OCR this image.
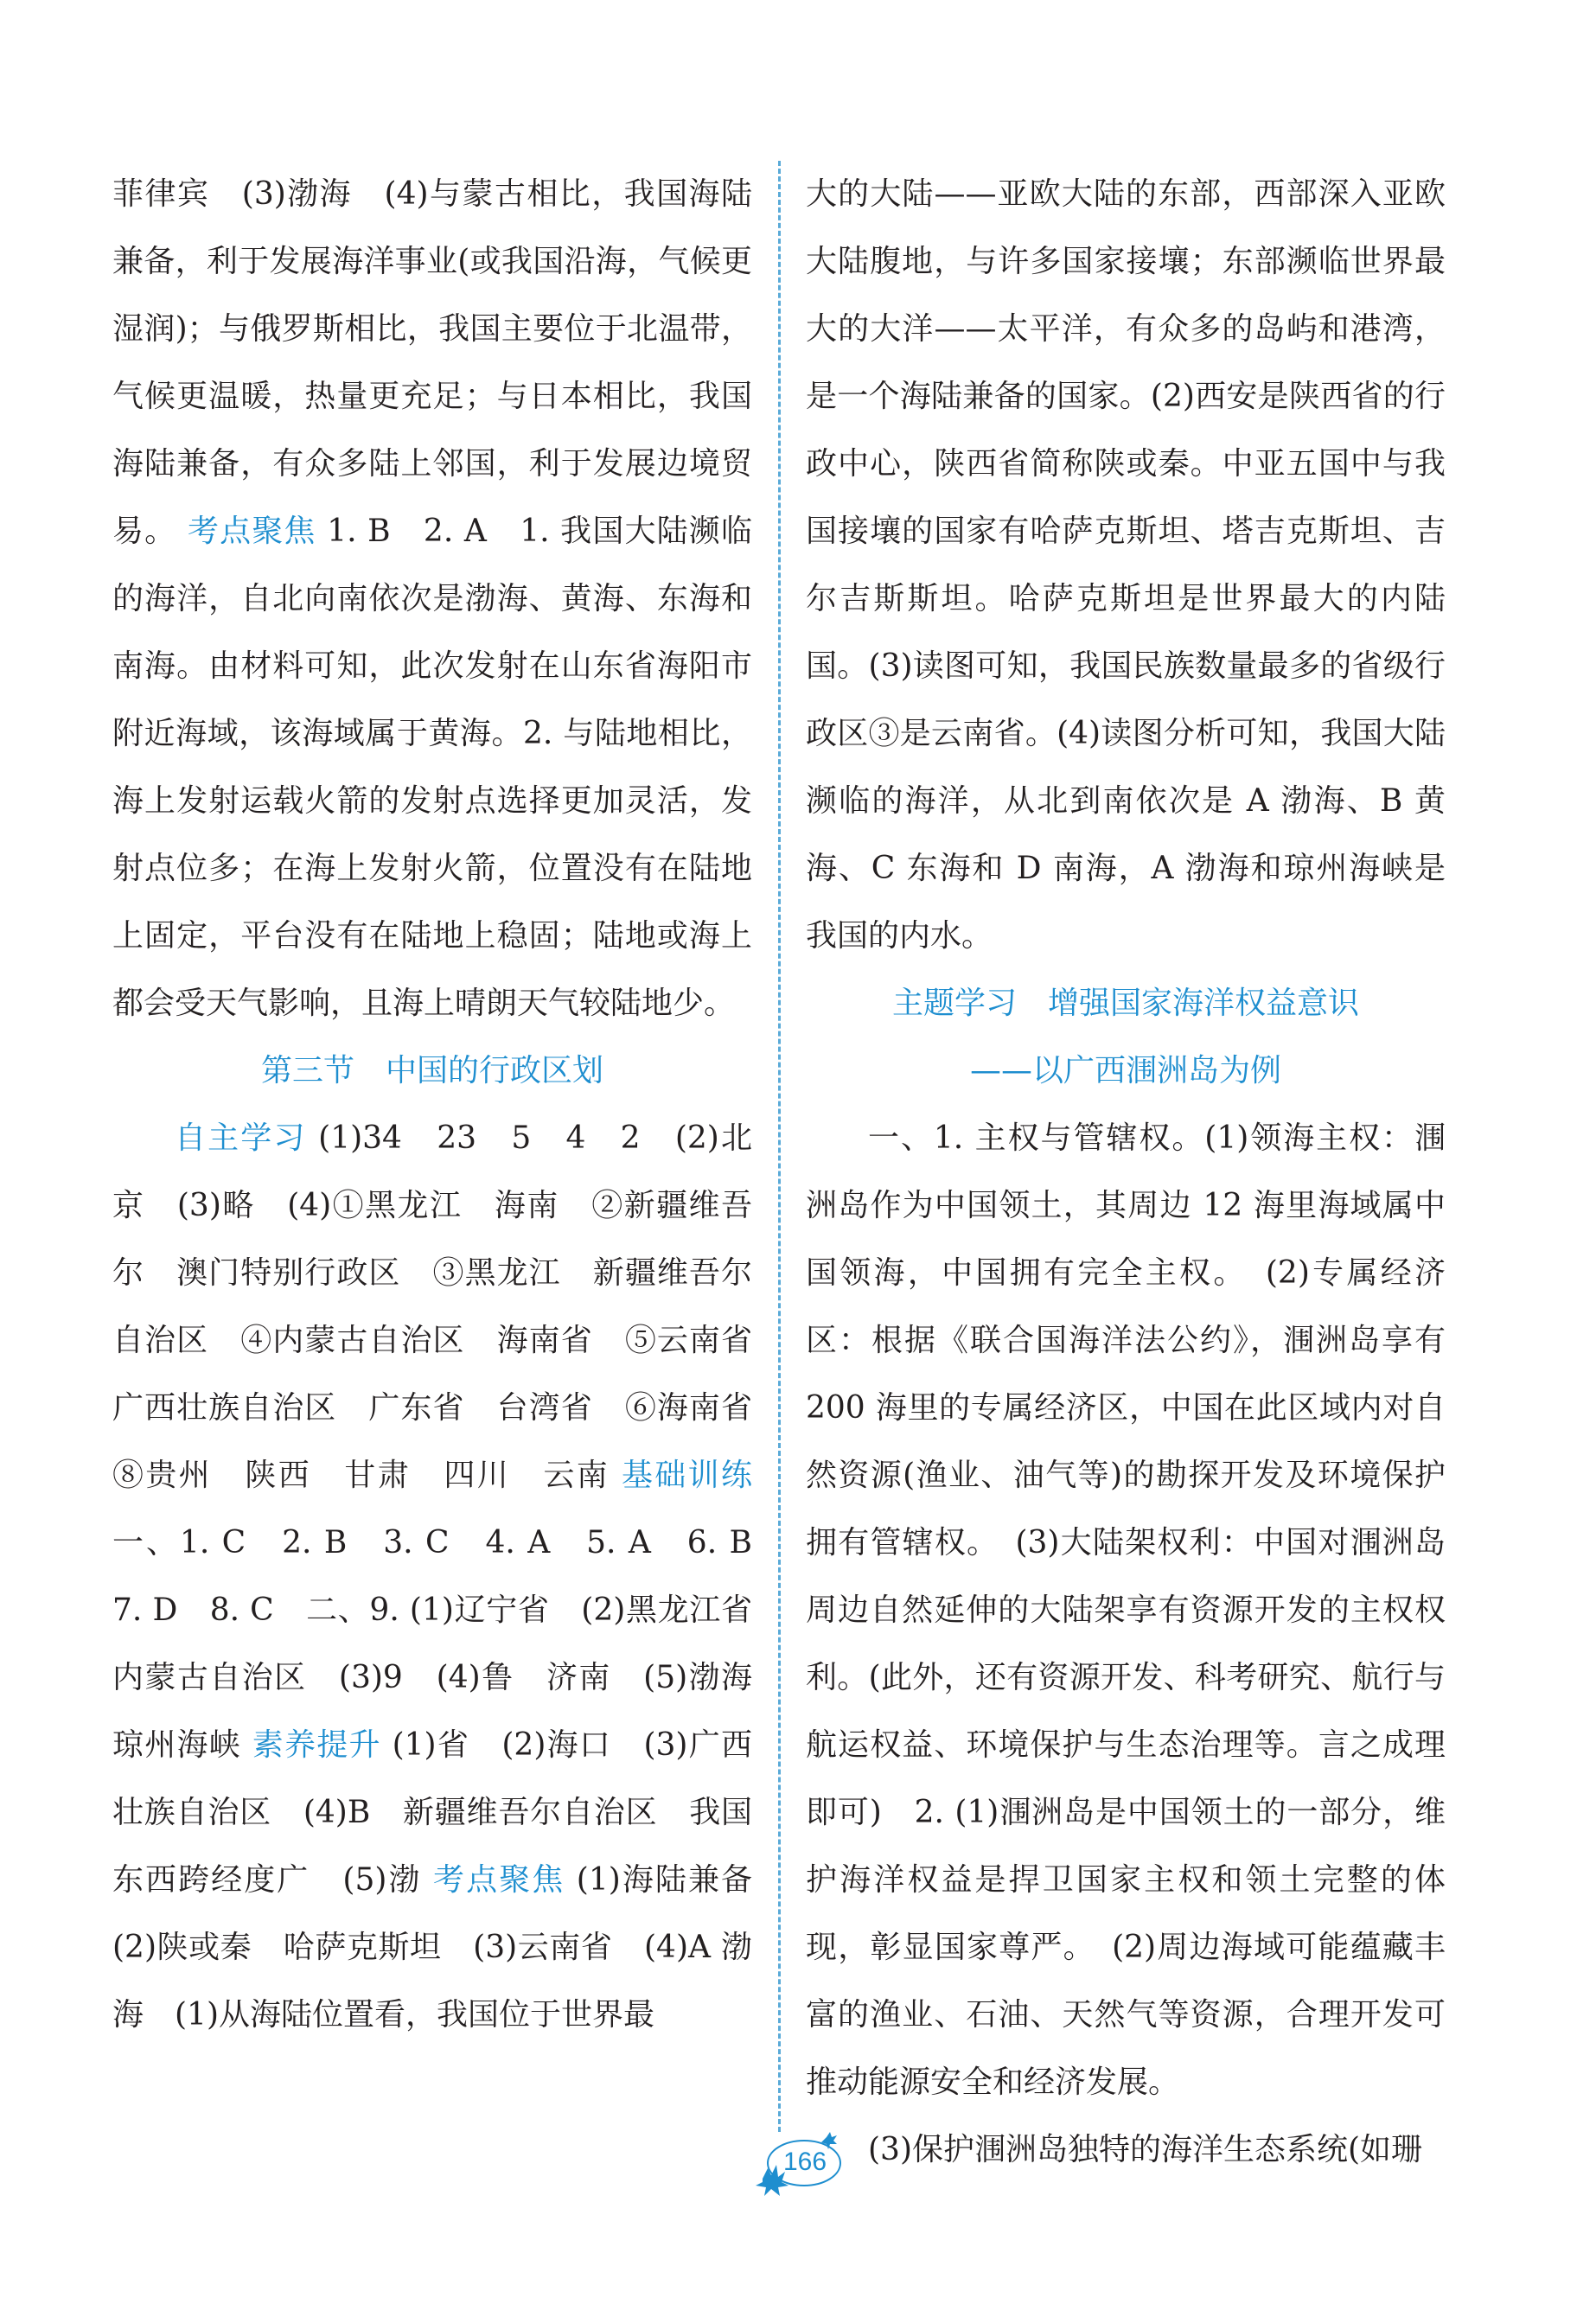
菲律宾　(3)渤海　(4)与蒙古相比，我国海陆兼备，利于发展海洋事业(或我国沿海，气候更湿润)；与俄罗斯相比，我国主要位于北温带，气候更温暖，热量更充足；与日本相比，我国海陆兼备，有众多陆上邻国，利于发展边境贸易。 考点聚焦 1. B　2. A　1. 我国大陆濒临的海洋，自北向南依次是渤海、黄海、东海和南海。由材料可知，此次发射在山东省海阳市附近海域，该海域属于黄海。2. 与陆地相比，海上发射运载火箭的发射点选择更加灵活，发射点位多；在海上发射火箭，位置没有在陆地上固定，平台没有在陆地上稳固；陆地或海上都会受天气影响，且海上晴朗天气较陆地少。

第三节　中国的行政区划

自主学习 (1)34　23　5　4　2　(2)北京　(3)略　(4)①黑龙江　海南　②新疆维吾尔　澳门特别行政区　③黑龙江　新疆维吾尔自治区　④内蒙古自治区　海南省　⑤云南省　广西壮族自治区　广东省　台湾省　⑥海南省　⑧贵州　陕西　甘肃　四川　云南 基础训练 一、1. C　2. B　3. C　4. A　5. A　6. B　7. D　8. C　二、9. (1)辽宁省　(2)黑龙江省　内蒙古自治区　(3)9　(4)鲁　济南　(5)渤海　琼州海峡 素养提升 (1)省　(2)海口　(3)广西壮族自治区　(4)B　新疆维吾尔自治区　我国东西跨经度广　(5)渤 考点聚焦 (1)海陆兼备　(2)陕或秦　哈萨克斯坦　(3)云南省　(4)A 渤海　(1)从海陆位置看，我国位于世界最

大的大陆——亚欧大陆的东部，西部深入亚欧大陆腹地，与许多国家接壤；东部濒临世界最大的大洋——太平洋，有众多的岛屿和港湾，是一个海陆兼备的国家。(2)西安是陕西省的行政中心，陕西省简称陕或秦。中亚五国中与我国接壤的国家有哈萨克斯坦、塔吉克斯坦、吉尔吉斯斯坦。哈萨克斯坦是世界最大的内陆国。(3)读图可知，我国民族数量最多的省级行政区③是云南省。(4)读图分析可知，我国大陆濒临的海洋，从北到南依次是 A 渤海、B 黄海、C 东海和 D 南海，A 渤海和琼州海峡是我国的内水。

主题学习　增强国家海洋权益意识
——以广西涠洲岛为例

一、1. 主权与管辖权。(1)领海主权：涠洲岛作为中国领土，其周边 12 海里海域属中国领海，中国拥有完全主权。　(2)专属经济区：根据《联合国海洋法公约》，涠洲岛享有 200 海里的专属经济区，中国在此区域内对自然资源(渔业、油气等)的勘探开发及环境保护拥有管辖权。　(3)大陆架权利：中国对涠洲岛周边自然延伸的大陆架享有资源开发的主权权利。(此外，还有资源开发、科考研究、航行与航运权益、环境保护与生态治理等。言之成理即可)　2. (1)涠洲岛是中国领土的一部分，维护海洋权益是捍卫国家主权和领土完整的体现，彰显国家尊严。　(2)周边海域可能蕴藏丰富的渔业、石油、天然气等资源，合理开发可推动能源安全和经济发展。

(3)保护涠洲岛独特的海洋生态系统(如珊

166
